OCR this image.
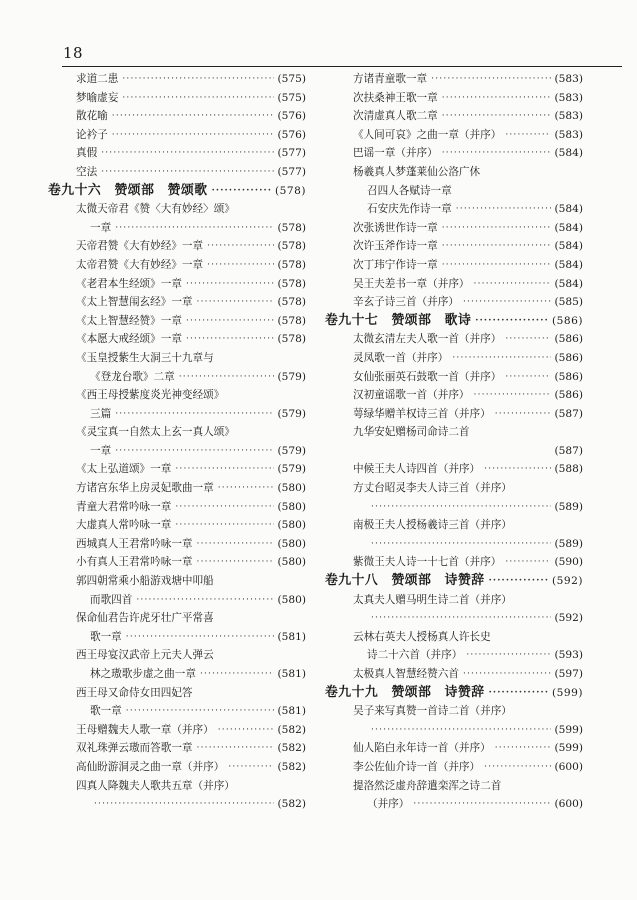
18
求道二患 ·····	( 575 )
梦喻虚妄 ·····	( 575 )
散花喻 ·····	( 576 )
论衿子 ·····	( 576 )
真假 ·····	( 577 )
空法 ·····	( 577 )
卷九十六　赞颂部　赞颂歌 ·····	( 578 )
太微天帝君《赞〈大有妙经〉颂》
一章 ·····	( 578 )
天帝君赞《大有妙经》一章 ·····	( 578 )
太帝君赞《大有妙经》一章 ·····	( 578 )
《老君本生经颂》一章 ·····	( 578 )
《太上智慧闱玄经》一章 ·····	( 578 )
《太上智慧经赞》一章 ·····	( 578 )
《本愿大戒经颂》一章 ·····	( 578 )
《玉皇授紫生大洞三十九章与
《登龙台歌》二章 ·····	( 579 )
《西王母授紫度炎光神变经颂》
三篇 ·····	( 579 )
《灵宝真一自然太上玄一真人颂》
一章 ·····	( 579 )
《太上弘道颂》一章 ·····	( 579 )
方诸宫东华上房灵妃歌曲一章 ·····	( 580 )
青童大君常吟咏一章 ·····	( 580 )
大虚真人常吟咏一章 ·····	( 580 )
西城真人王君常吟咏一章 ·····	( 580 )
小有真人王君常吟咏一章 ·····	( 580 )
郭四朝常乘小船游戏塘中叩船
而歌四首 ·····	( 580 )
保命仙君告许虎牙壮广平常喜
歌一章 ·····	( 581 )
西王母宴汉武帝上元夫人弹云
林之璈歌步虚之曲一章 ·····	( 581 )
西王母又命侍女田四妃答
歌一章 ·····	( 581 )
王母赠魏夫人歌一章（并序） ·····	( 582 )
双礼珠弹云璈而答歌一章 ·····	( 582 )
高仙盼游洞灵之曲一章（并序） ·····	( 582 )
四真人降魏夫人歌共五章（并序）
·····
( 582 )
方诸青童歌一章 ·····	( 583 )
次扶桑神王歌一章 ·····	( 583 )
次清虚真人歌二章 ·····	( 583 )
《人间可哀》之曲一章（并序） ·····	( 583 )
巴谣一章（并序） ·····	( 584 )
杨羲真人梦蓬莱仙公洛广休
召四人各赋诗一章
石安庆先作诗一章 ·····	( 584 )
次张诱世作诗一章 ·····	( 584 )
次许玉斧作诗一章 ·····	( 584 )
次丁玮宁作诗一章 ·····	( 584 )
吴王夫差书一章（并序） ·····	( 584 )
辛玄子诗三首（并序） ·····	( 585 )
卷九十七　赞颂部　歌诗 ·····	( 586 )
太微玄清左夫人歌一首（并序） ·····	( 586 )
灵凤歌一首（并序） ·····	( 586 )
女仙张丽英石鼓歌一首（并序） ·····	( 586 )
汉初童谣歌一首（并序） ·····	( 586 )
萼绿华赠羊权诗三首（并序） ·····	( 587 )
九华安妃赠杨司命诗二首
( 587 )
中候王夫人诗四首（并序） ·····	( 588 )
方丈台昭灵李夫人诗三首（并序）
·····
( 589 )
南极王夫人授杨羲诗三首（并序）
·····
( 589 )
紫微王夫人诗一十七首（并序） ·····	( 590 )
卷九十八　赞颂部　诗赞辞 ·····	( 592 )
太真夫人赠马明生诗二首（并序）
·····
( 592 )
云林右英夫人授杨真人许长史
诗二十六首（并序） ·····	( 593 )
太极真人智慧经赞六首 ·····	( 597 )
卷九十九　赞颂部　诗赞辞 ·····	( 599 )
吴子来写真赞一首诗二首（并序）
·····
( 599 )
仙人陷白永年诗一首（并序） ·····	( 599 )
李公佐仙介诗一首（并序） ·····	( 600 )
提洛然泛虚舟辞遣栾浑之诗二首
（并序） ·····	( 600 )
